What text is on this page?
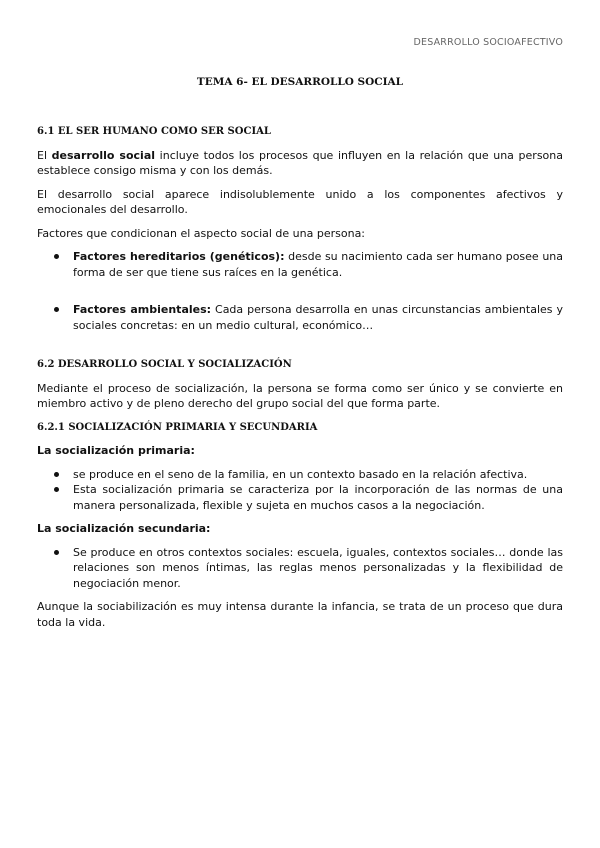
DESARROLLO SOCIOAFECTIVO
TEMA 6- EL DESARROLLO SOCIAL
6.1 EL SER HUMANO COMO SER SOCIAL

El desarrollo social incluye todos los procesos que influyen en la relación que una persona establece consigo misma y con los demás.

El desarrollo social aparece indisolublemente unido a los componentes afectivos y emocionales del desarrollo.

Factores que condicionan el aspecto social de una persona:

Factores hereditarios (genéticos): desde su nacimiento cada ser humano posee una forma de ser que tiene sus raíces en la genética.
Factores ambientales: Cada persona desarrolla en unas circunstancias ambientales y sociales concretas: en un medio cultural, económico…
6.2 DESARROLLO SOCIAL Y SOCIALIZACIÓN

Mediante el proceso de socialización, la persona se forma como ser único y se convierte en miembro activo y de pleno derecho del grupo social del que forma parte.

6.2.1 SOCIALIZACIÓN PRIMARIA Y SECUNDARIA
La socialización primaria:
se produce en el seno de la familia, en un contexto basado en la relación afectiva.
Esta socialización primaria se caracteriza por la incorporación de las normas de una manera personalizada, flexible y sujeta en muchos casos a la negociación.
La socialización secundaria:
Se produce en otros contextos sociales: escuela, iguales, contextos sociales… donde las relaciones son menos íntimas, las reglas menos personalizadas y la flexibilidad de negociación menor.

Aunque la sociabilización es muy intensa durante la infancia, se trata de un proceso que dura toda la vida.
